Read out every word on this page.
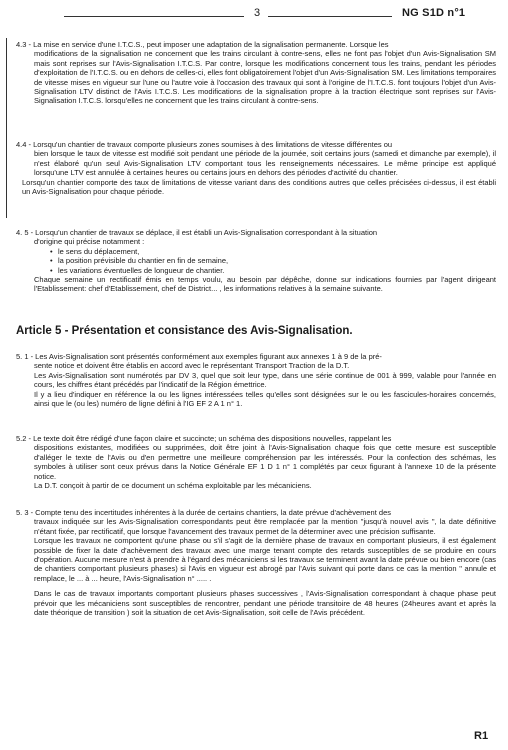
3	NG S1D n°1

4.3 - La mise en service d'une I.T.C.S., peut imposer une adaptation de la signalisation permanente. Lorsque les

modifications de la signalisation ne concernent que les trains circulant à contre-sens, elles ne font pas l'objet d'un Avis-Signalisation SM mais sont reprises sur l'Avis-Signalisation I.T.C.S. Par contre, lorsque les modifications concernent tous les trains, pendant les périodes d'exploitation de l'I.T.C.S. ou en dehors de celles-ci, elles font obligatoirement l'objet d'un Avis-Signalisation SM. Les limitations temporaires de vitesse mises en vigueur sur l'une ou l'autre voie à l'occasion des travaux qui sont à l'origine de l'I.T.C.S. font toujours l'objet d'un Avis-Signalisation LTV distinct de l'Avis I.T.C.S. Les modifications de la signalisation propre à la traction électrique sont reprises sur l'Avis-Signalisation I.T.C.S. lorsqu'elles ne concernent que les trains circulant à contre-sens.

4.4 - Lorsqu'un chantier de travaux comporte plusieurs zones soumises à des limitations de vitesse différentes ou

bien lorsque le taux de vitesse est modifié soit pendant une période de la journée, soit certains jours (samedi et dimanche par exemple), il n'est élaboré qu'un seul Avis-Signalisation LTV comportant tous les renseignements nécessaires. Le même principe est appliqué lorsqu'une LTV est annulée à certaines heures ou certains jours en dehors des périodes d'activité du chantier.

Lorsqu'un chantier comporte des taux de limitations de vitesse variant dans des conditions autres que celles précisées ci-dessus, il est établi un Avis-Signalisation pour chaque période.

4. 5 - Lorsqu'un chantier de travaux se déplace, il est établi un Avis-Signalisation correspondant à la situation

d'origine qui précise notamment :

• le sens du déplacement,
• la position prévisible du chantier en fin de semaine,
• les variations éventuelles de longueur de chantier.

Chaque semaine un rectificatif émis en temps voulu, au besoin par dépêche, donne sur indications fournies par l'agent dirigeant l'Etablissement: chef d'Etablissement, chef de District... , les informations relatives à la semaine suivante.

Article 5 - Présentation et consistance des Avis-Signalisation.

5. 1 - Les Avis-Signalisation sont présentés conformément aux exemples figurant aux annexes 1 à 9 de la pré-

sente notice et doivent être établis en accord avec le représentant Transport Traction de la D.T.

Les Avis-Signalisation sont numérotés par DV 3, quel que soit leur type, dans une série continue de 001 à 999, valable pour l'année en cours, les chiffres étant précédés par l'indicatif de la Région émettrice.

Il y a lieu d'indiquer en référence la ou les lignes intéressées telles qu'elles sont désignées sur le ou les fascicules-horaires concernés, ainsi que le (ou les) numéro de ligne défini à l'IG EF 2 A 1 n° 1.

5.2 - Le texte doit être rédigé d'une façon claire et succincte; un schéma des dispositions nouvelles, rappelant les

dispositions existantes, modifiées ou supprimées, doit être joint à l'Avis-Signalisation chaque fois que cette mesure est susceptible d'alléger le texte de l'Avis ou d'en permettre une meilleure compréhension par les intéressés. Pour la confection des schémas, les symboles à utiliser sont ceux prévus dans la Notice Générale EF 1 D 1 n° 1 complétés par ceux figurant à l'annexe 10 de la présente notice.

La D.T. conçoit à partir de ce document un schéma exploitable par les mécaniciens.

5. 3 - Compte tenu des incertitudes inhérentes à la durée de certains chantiers, la date prévue d'achèvement des

travaux indiquée sur les Avis-Signalisation correspondants peut être remplacée par la mention "jusqu'à nouvel avis ", la date définitive n'étant fixée, par rectificatif, que lorsque l'avancement des travaux permet de la déterminer avec une précision suffisante.

Lorsque les travaux ne comportent qu'une phase ou s'il s'agit de la dernière phase de travaux en comportant plusieurs, il est également possible de fixer la date d'achèvement des travaux avec une marge tenant compte des retards susceptibles de se produire en cours d'opération. Aucune mesure n'est à prendre à l'égard des mécaniciens si les travaux se terminent avant la date prévue ou bien encore (cas de chantiers comportant plusieurs phases) si l'Avis en vigueur est abrogé par l'Avis suivant qui porte dans ce cas la mention " annule et remplace, le ... à ... heure, l'Avis-Signalisation n° ..... .

Dans le cas de travaux importants comportant plusieurs phases successives , l'Avis-Signalisation correspondant à chaque phase peut prévoir que les mécaniciens sont susceptibles de rencontrer, pendant une période transitoire de 48 heures (24heures avant et après la date théorique de transition ) soit la situation de cet Avis-Signalisation, soit celle de l'Avis précédent.

R1
